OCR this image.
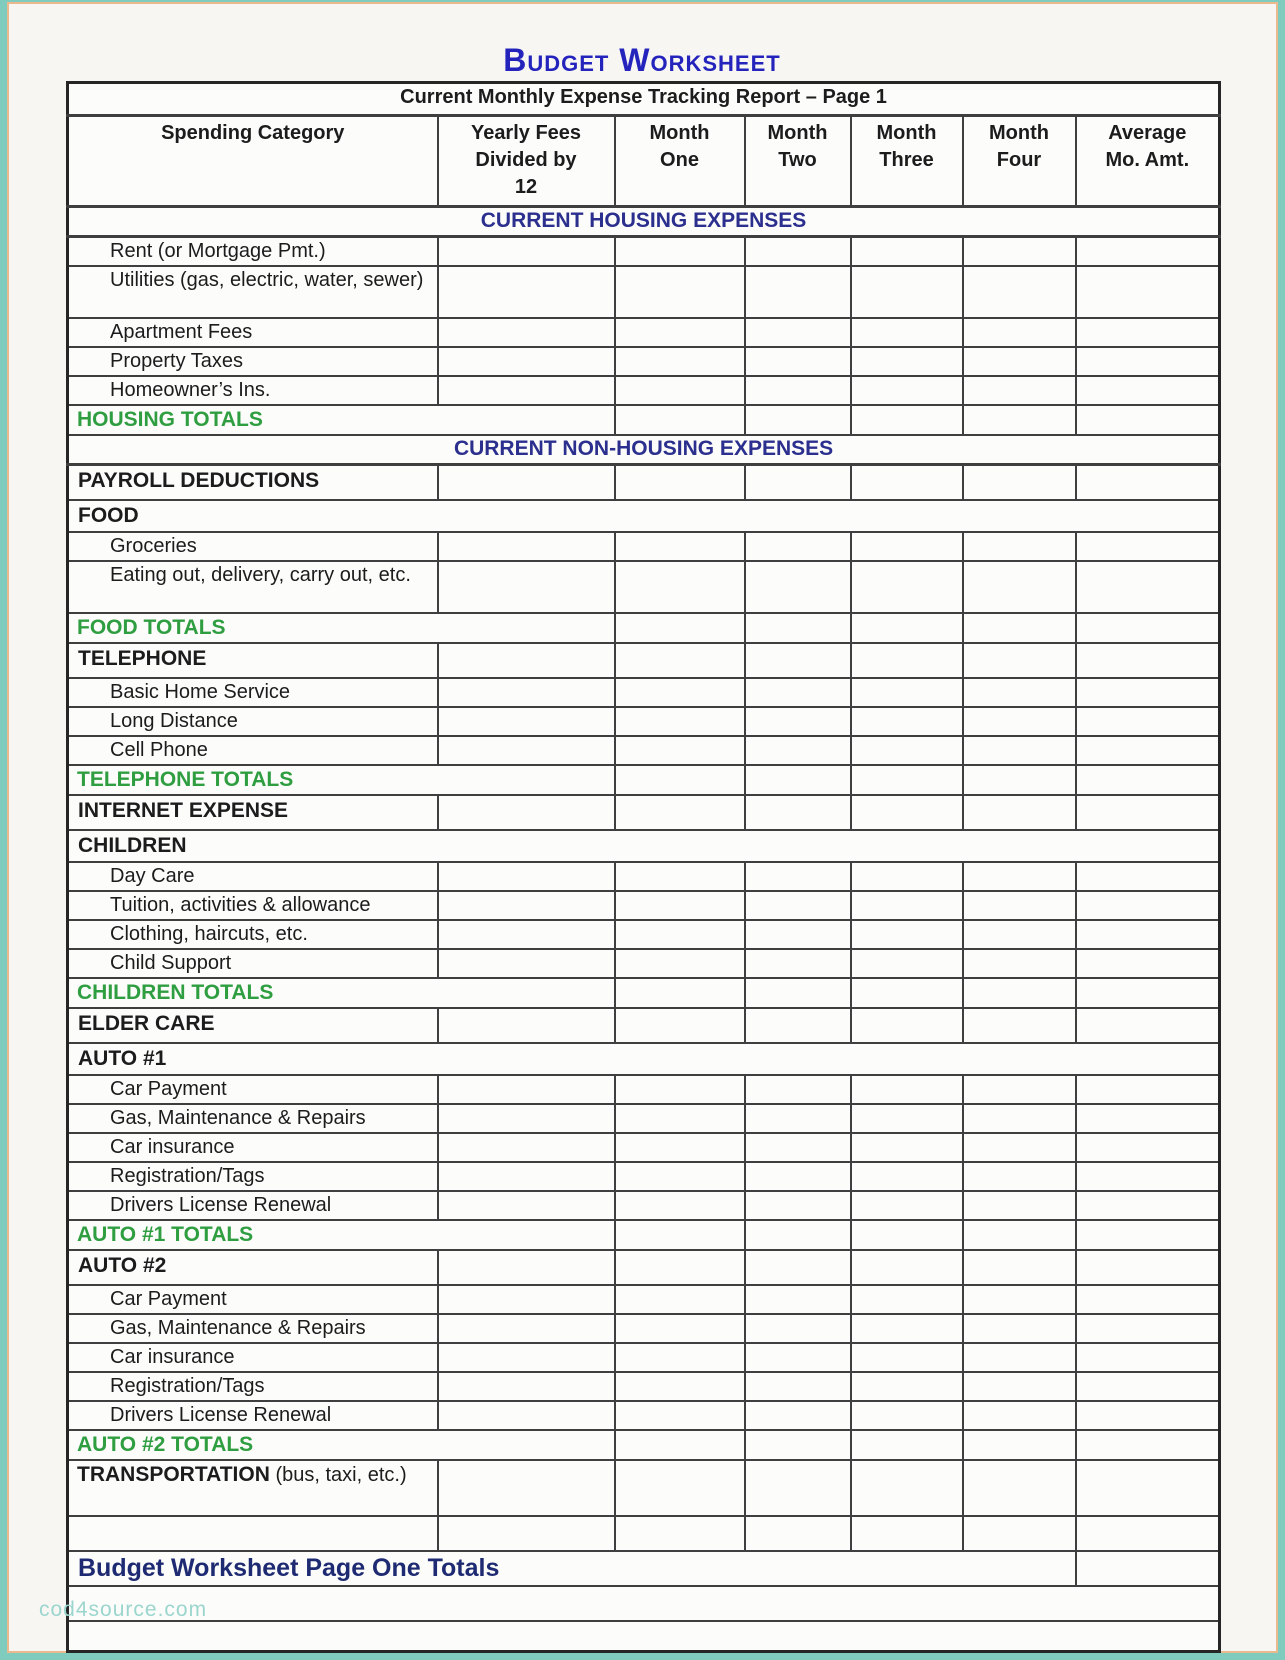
Budget Worksheet
Current Monthly Expense Tracking Report – Page 1						
Spending Category	Yearly Fees Divided by 12	Month One	Month Two	Month Three	Month Four	Average Mo. Amt.
CURRENT HOUSING EXPENSES						
Rent (or Mortgage Pmt.)						
Utilities (gas, electric, water, sewer)						
Apartment Fees						
Property Taxes						
Homeowner’s Ins.						
HOUSING TOTALS						
CURRENT NON-HOUSING EXPENSES						
PAYROLL DEDUCTIONS						
FOOD						
Groceries						
Eating out, delivery, carry out, etc.						
FOOD TOTALS						
TELEPHONE						
Basic Home Service						
Long Distance						
Cell Phone						
TELEPHONE TOTALS						
INTERNET EXPENSE						
CHILDREN						
Day Care						
Tuition, activities & allowance						
Clothing, haircuts, etc.						
Child Support						
CHILDREN TOTALS						
ELDER CARE						
AUTO #1						
Car Payment						
Gas, Maintenance & Repairs						
Car insurance						
Registration/Tags						
Drivers License Renewal						
AUTO #1 TOTALS						
AUTO #2						
Car Payment						
Gas, Maintenance & Repairs						
Car insurance						
Registration/Tags						
Drivers License Renewal						
AUTO #2 TOTALS						
TRANSPORTATION (bus, taxi, etc.)						

Budget Worksheet Page One Totals						

cod4source.com
